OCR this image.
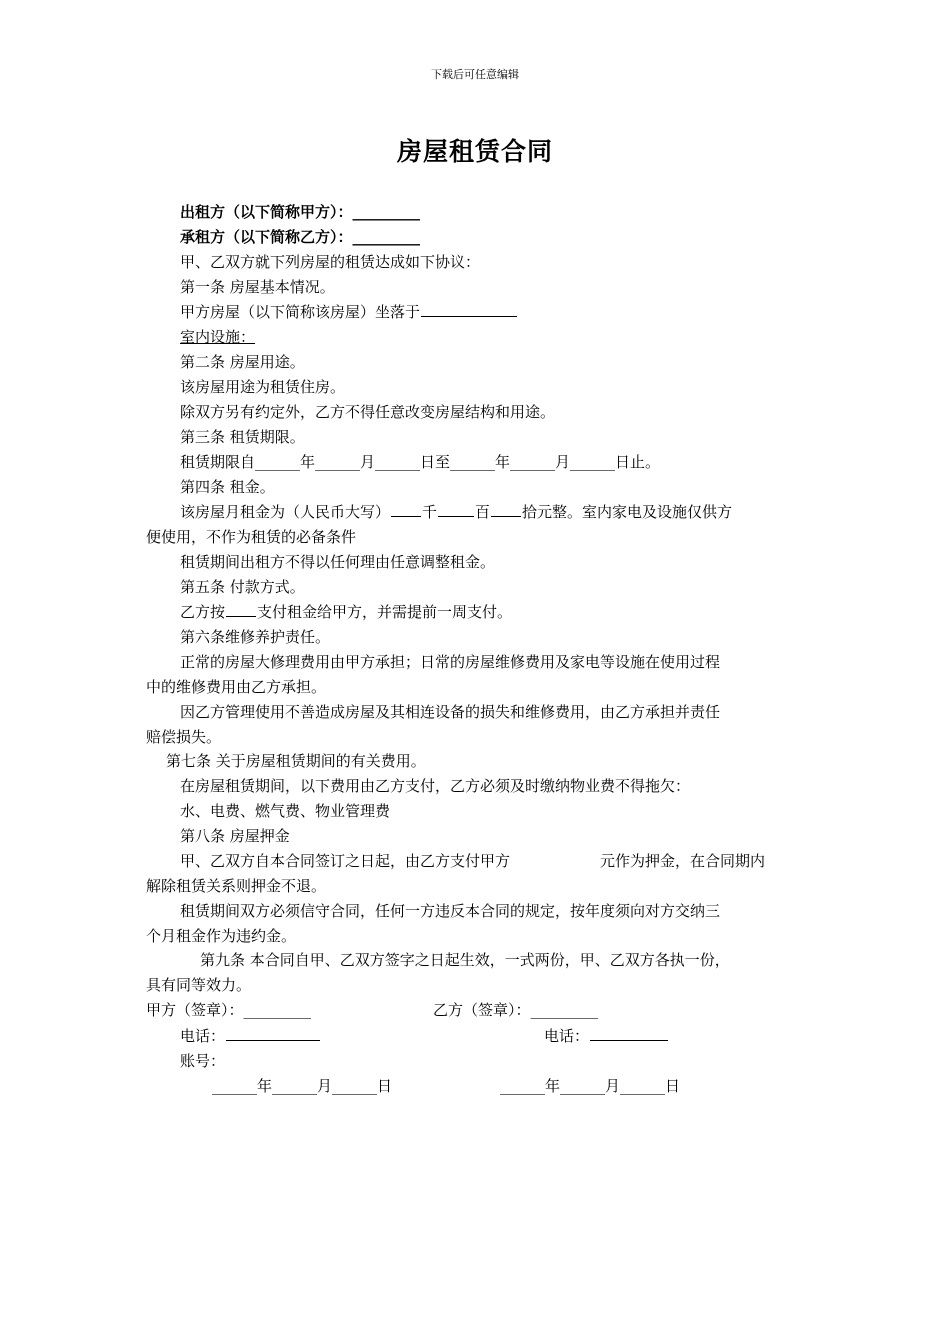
下载后可任意编辑
房屋租赁合同
出租方（以下简称甲方）：_________
承租方（以下简称乙方）：_________
甲、乙双方就下列房屋的租赁达成如下协议：
第一条 房屋基本情况。
甲方房屋（以下简称该房屋）坐落于
室内设施：
第二条 房屋用途。
该房屋用途为租赁住房。
除双方另有约定外，乙方不得任意改变房屋结构和用途。
第三条 租赁期限。
租赁期限自______年______月______日至______年______月______日止。
第四条 租金。
该房屋月租金为（人民币大写） 千	百 拾元整。室内家电及设施仅供方
便使用，不作为租赁的必备条件
租赁期间出租方不得以任何理由任意调整租金。
第五条 付款方式。
乙方按 支付租金给甲方，并需提前一周支付。
第六条维修养护责任。
正常的房屋大修理费用由甲方承担；日常的房屋维修费用及家电等设施在使用过程
中的维修费用由乙方承担。
因乙方管理使用不善造成房屋及其相连设备的损失和维修费用，由乙方承担并责任
赔偿损失。
第七条 关于房屋租赁期间的有关费用。
在房屋租赁期间，以下费用由乙方支付，乙方必须及时缴纳物业费不得拖欠：
水、电费、燃气费、物业管理费
第八条 房屋押金
甲、乙双方自本合同签订之日起，由乙方支付甲方	元作为押金，在合同期内
解除租赁关系则押金不退。
租赁期间双方必须信守合同，任何一方违反本合同的规定，按年度须向对方交纳三
个月租金作为违约金。
第九条 本合同自甲、乙双方签字之日起生效，一式两份，甲、乙双方各执一份，
具有同等效力。
甲方（签章）：_________	乙方（签章）：_________
电话：	电话：
账号：
______年______月______日	______年______月______日
